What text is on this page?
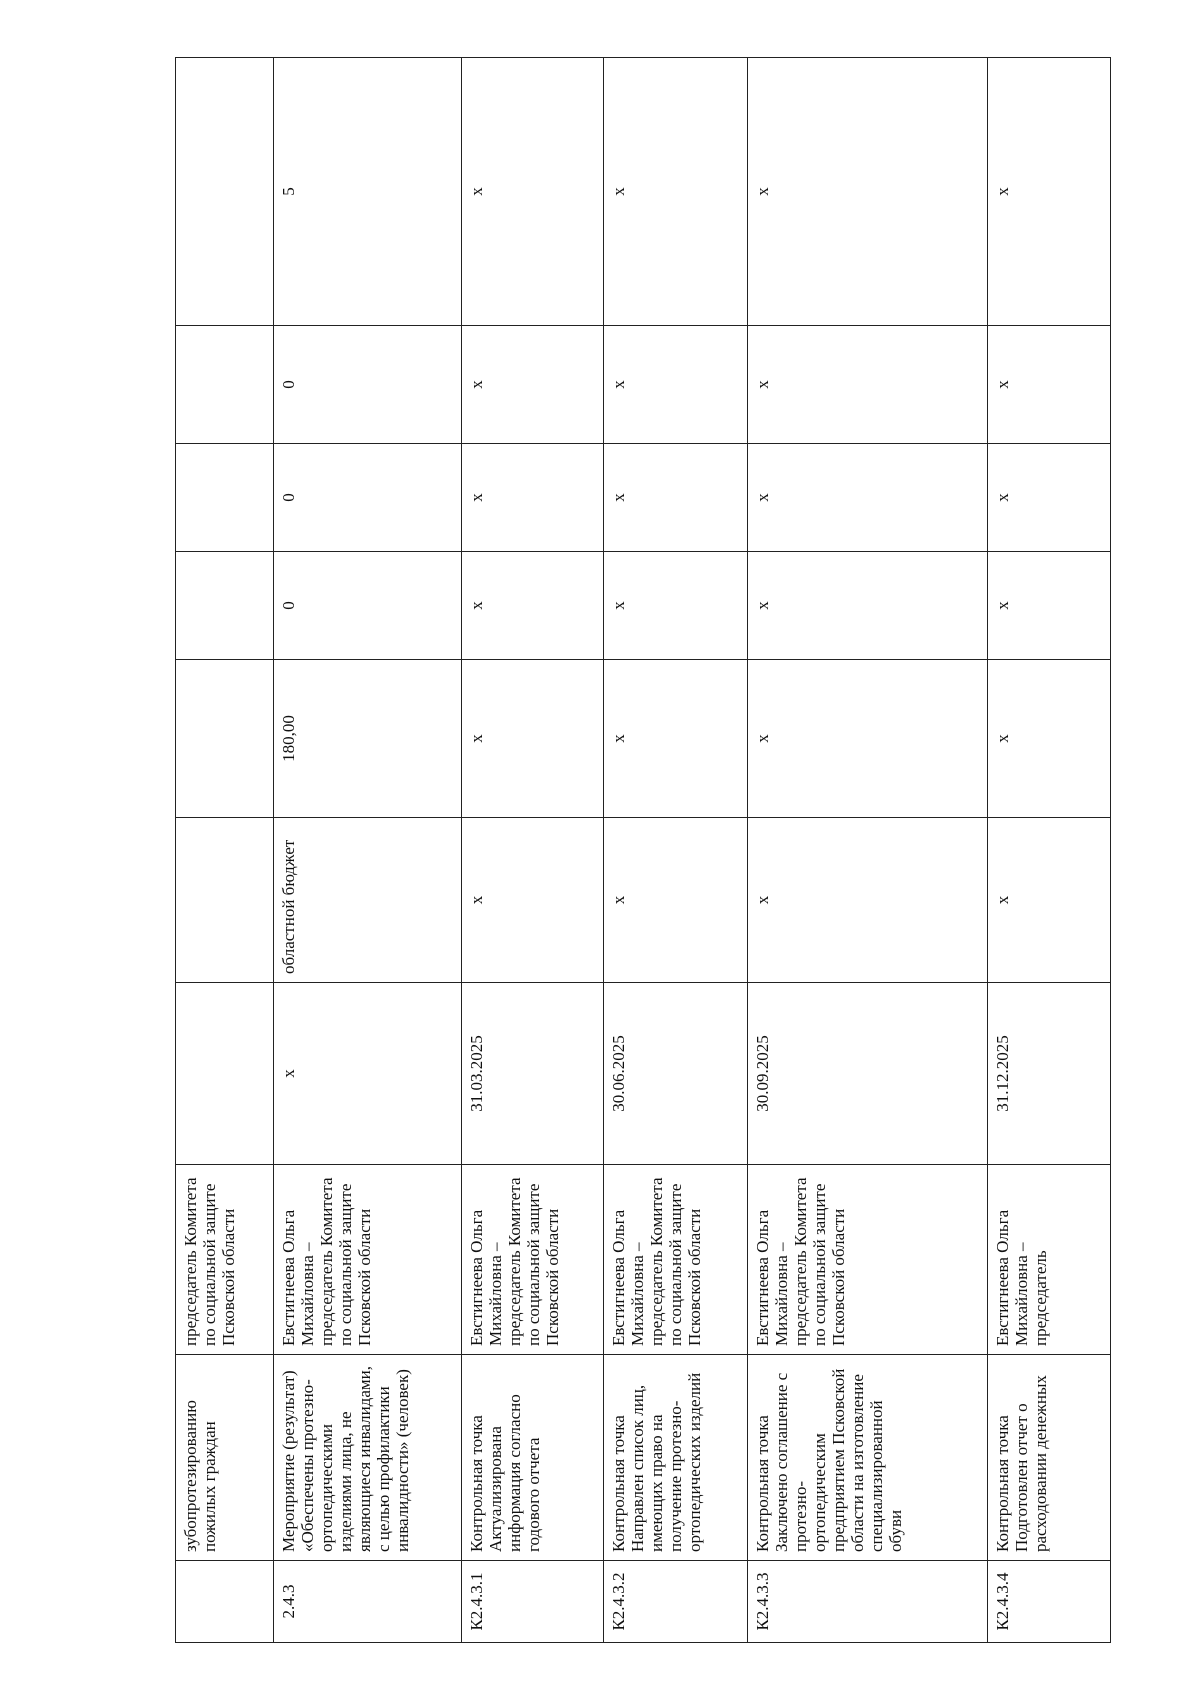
	зубопротезированию пожилых граждан	председатель Комитета по социальной защите Псковской области							
2.4.3	Мероприятие (результат) «Обеспечены протезно-ортопедическими изделиями лица, не являющиеся инвалидами, с целью профилактики инвалидности» (человек)	Евстигнеева Ольга Михайловна – председатель Комитета по социальной защите Псковской области	х	областной бюджет	180,00	0	0	0	5
К2.4.3.1	Контрольная точка Актуализирована информация согласно годового отчета	Евстигнеева Ольга Михайловна – председатель Комитета по социальной защите Псковской области	31.03.2025	х	х	х	х	х	х
К2.4.3.2	Контрольная точка Направлен список лиц, имеющих право на получение протезно-ортопедических изделий	Евстигнеева Ольга Михайловна – председатель Комитета по социальной защите Псковской области	30.06.2025	х	х	х	х	х	х
К2.4.3.3	Контрольная точка Заключено соглашение с протезно-ортопедическим предприятием Псковской области на изготовление специализированной обуви	Евстигнеева Ольга Михайловна – председатель Комитета по социальной защите Псковской области	30.09.2025	х	х	х	х	х	х
К2.4.3.4	Контрольная точка Подготовлен отчет о расходовании денежных	Евстигнеева Ольга Михайловна – председатель	31.12.2025	х	х	х	х	х	х
